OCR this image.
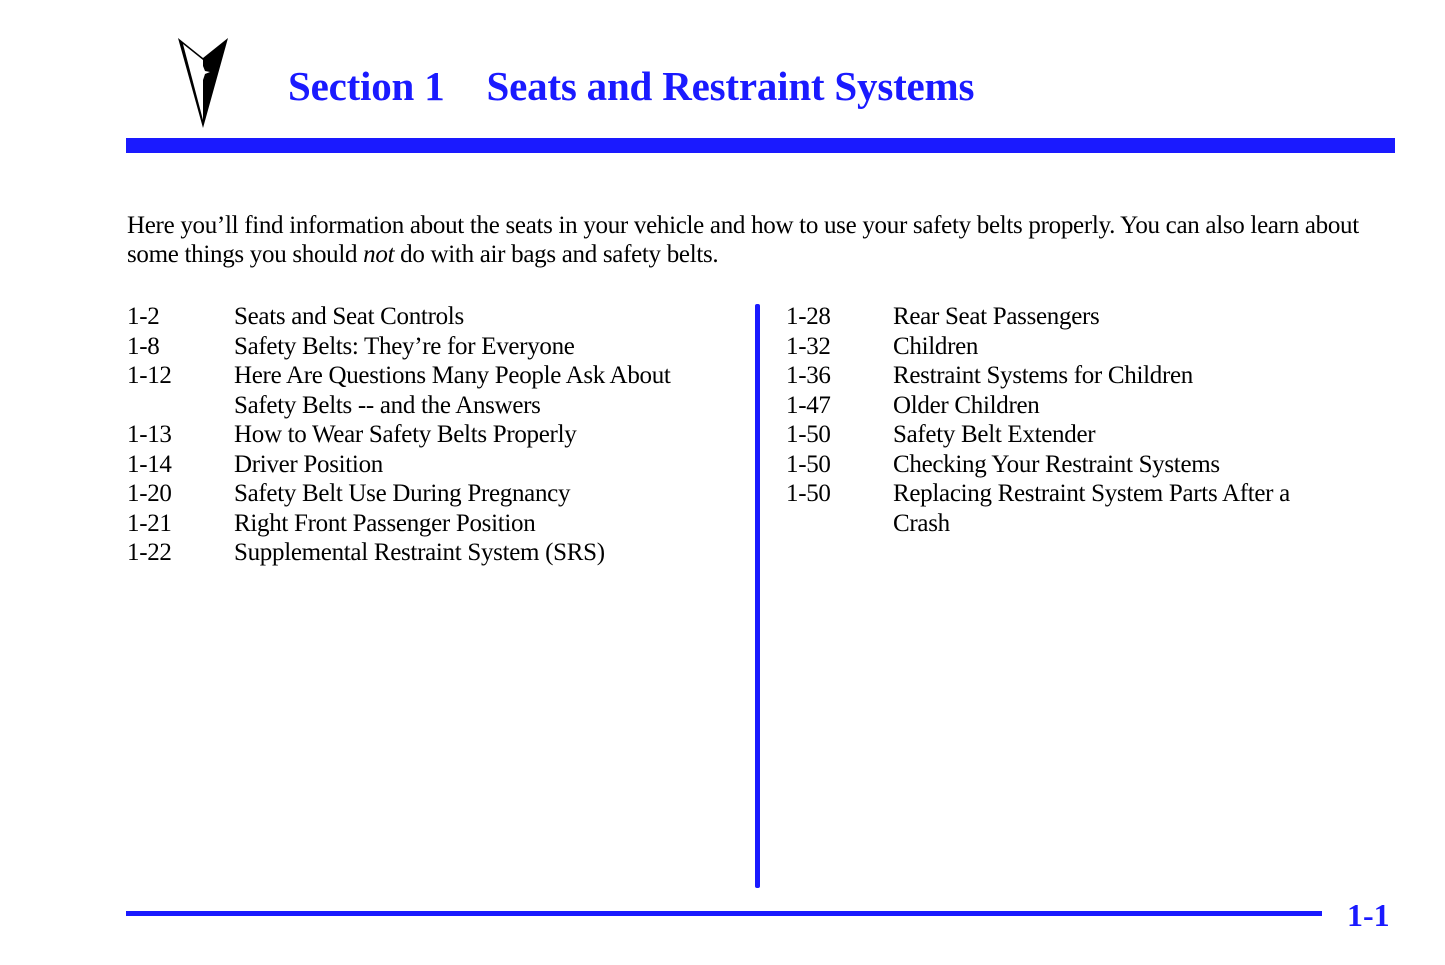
Section 1 Seats and Restraint Systems

Here you’ll find information about the seats in your vehicle and how to use your safety belts properly. You can also learn about some things you should not do with air bags and safety belts.

1-2	Seats and Seat Controls
1-8	Safety Belts: They’re for Everyone
1-12	Here Are Questions Many People Ask About Safety Belts -- and the Answers
1-13	How to Wear Safety Belts Properly
1-14	Driver Position
1-20	Safety Belt Use During Pregnancy
1-21	Right Front Passenger Position
1-22	Supplemental Restraint System (SRS)
1-28	Rear Seat Passengers
1-32	Children
1-36	Restraint Systems for Children
1-47	Older Children
1-50	Safety Belt Extender
1-50	Checking Your Restraint Systems
1-50	Replacing Restraint System Parts After a Crash
1-1
